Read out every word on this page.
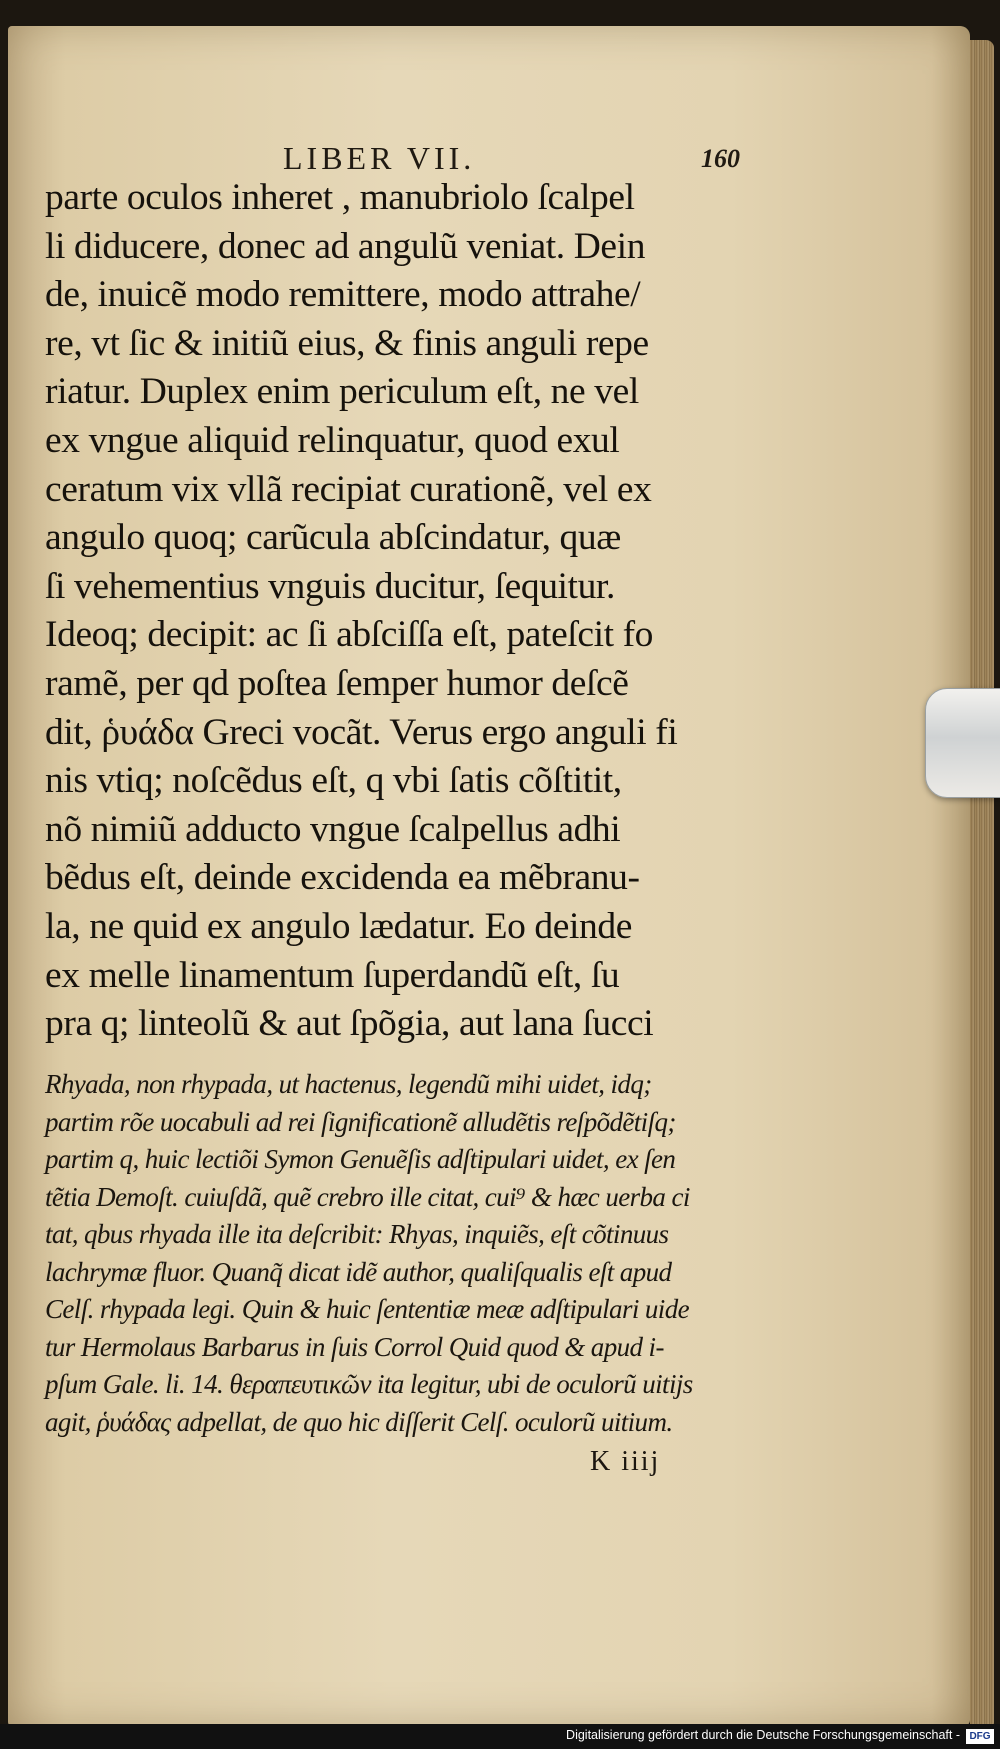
LIBER VII.	160
parte oculos inheret , manubriolo ſcalpel
li diducere, donec ad angulũ veniat. Dein
de, inuicẽ modo remittere, modo attrahe/
re, vt ſic & initiũ eius, & finis anguli repe
riatur. Duplex enim periculum eſt, ne vel
ex vngue aliquid relinquatur, quod exul
ceratum vix vllã recipiat curationẽ, vel ex
angulo quoq; carũcula abſcindatur, quæ
ſi vehementius vnguis ducitur, ſequitur.
Ideoq; decipit: ac ſi abſciſſa eſt, pateſcit fo
ramẽ, per qd poſtea ſemper humor deſcẽ
dit, ῥυάδα Greci vocãt. Verus ergo anguli fi
nis vtiq; noſcẽdus eſt, q vbi ſatis cõſtitit,
nõ nimiũ adducto vngue ſcalpellus adhi
bẽdus eſt, deinde excidenda ea mẽbranu-
la, ne quid ex angulo lædatur. Eo deinde
ex melle linamentum ſuperdandũ eſt, ſu
pra q; linteolũ & aut ſpõgia, aut lana ſucci
Rhyada, non rhypada, ut hactenus, legendũ mihi uidet, idq;
partim rõe uocabuli ad rei ſignificationẽ alludẽtis reſpõdẽtiſq;
partim q, huic lectiõi Symon Genuẽſis adſtipulari uidet, ex ſen
tẽtia Demoſt. cuiuſdã, quẽ crebro ille citat, cui⁹ & hæc uerba ci
tat, qbus rhyada ille ita deſcribit: Rhyas, inquiẽs, eſt cõtinuus
lachrymæ fluor. Quanq̃ dicat idẽ author, qualiſqualis eſt apud
Celſ. rhypada legi. Quin & huic ſententiæ meæ adſtipulari uide
tur Hermolaus Barbarus in ſuis Corrol Quid quod & apud i-
pſum Gale. li. 14. θεραπευτικῶν ita legitur, ubi de oculorũ uitijs
agit, ῥυάδας adpellat, de quo hic diſſerit Celſ. oculorũ uitium.
K iiij
Digitalisierung gefördert durch die Deutsche Forschungsgemeinschaft - DFG
